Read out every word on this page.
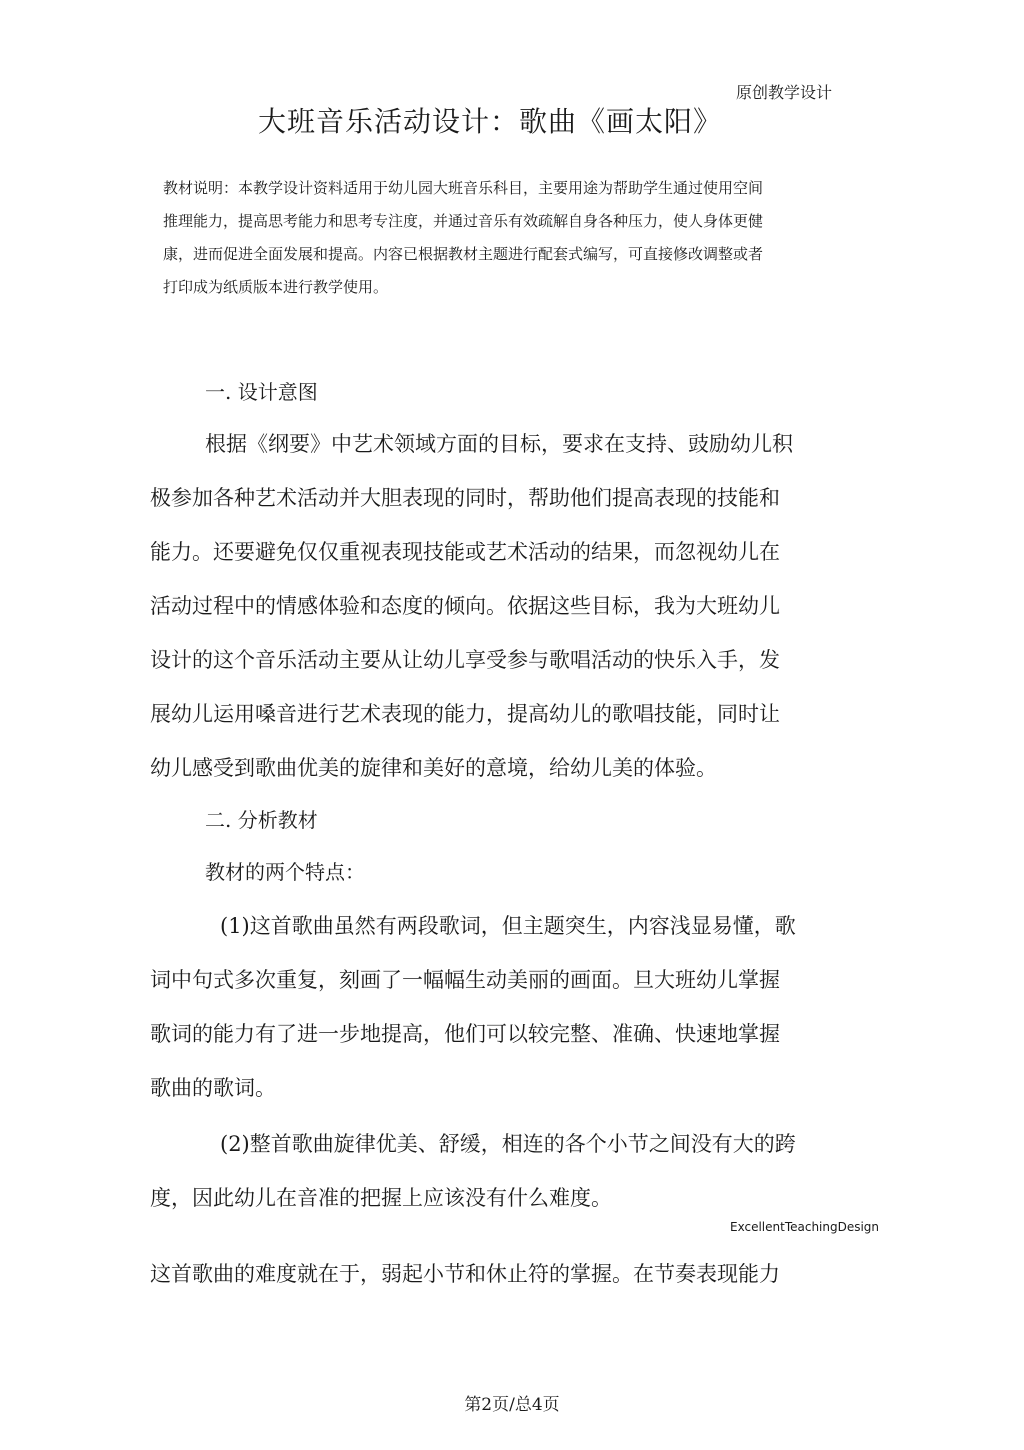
原创教学设计
大班音乐活动设计：歌曲《画太阳》
教材说明：本教学设计资料适用于幼儿园大班音乐科目，主要用途为帮助学生通过使用空间
推理能力，提高思考能力和思考专注度，并通过音乐有效疏解自身各种压力，使人身体更健
康，进而促进全面发展和提高。内容已根据教材主题进行配套式编写，可直接修改调整或者
打印成为纸质版本进行教学使用。
一. 设计意图
根据《纲要》中艺术领域方面的目标，要求在支持、豉励幼儿积
极参加各种艺术活动并大胆表现的同时，帮助他们提高表现的技能和
能力。还要避免仅仅重视表现技能或艺术活动的结果，而忽视幼儿在
活动过程中的情感体验和态度的倾向。依据这些目标，我为大班幼儿
设计的这个音乐活动主要从让幼儿享受参与歌唱活动的快乐入手，发
展幼儿运用嗓音进行艺术表现的能力，提高幼儿的歌唱技能，同时让
幼儿感受到歌曲优美的旋律和美好的意境，给幼儿美的体验。
二. 分析教材
教材的两个特点：
(1)这首歌曲虽然有两段歌词，但主题突生，内容浅显易懂，歌
词中句式多次重复，刻画了一幅幅生动美丽的画面。旦大班幼儿掌握
歌词的能力有了进一步地提高，他们可以较完整、准确、快速地掌握
歌曲的歌词。
(2)整首歌曲旋律优美、舒缓，相连的各个小节之间没有大的跨
度，因此幼儿在音准的把握上应该没有什么难度。
ExcellentTeachingDesign
这首歌曲的难度就在于，弱起小节和休止符的掌握。在节奏表现能力
第2页/总4页
